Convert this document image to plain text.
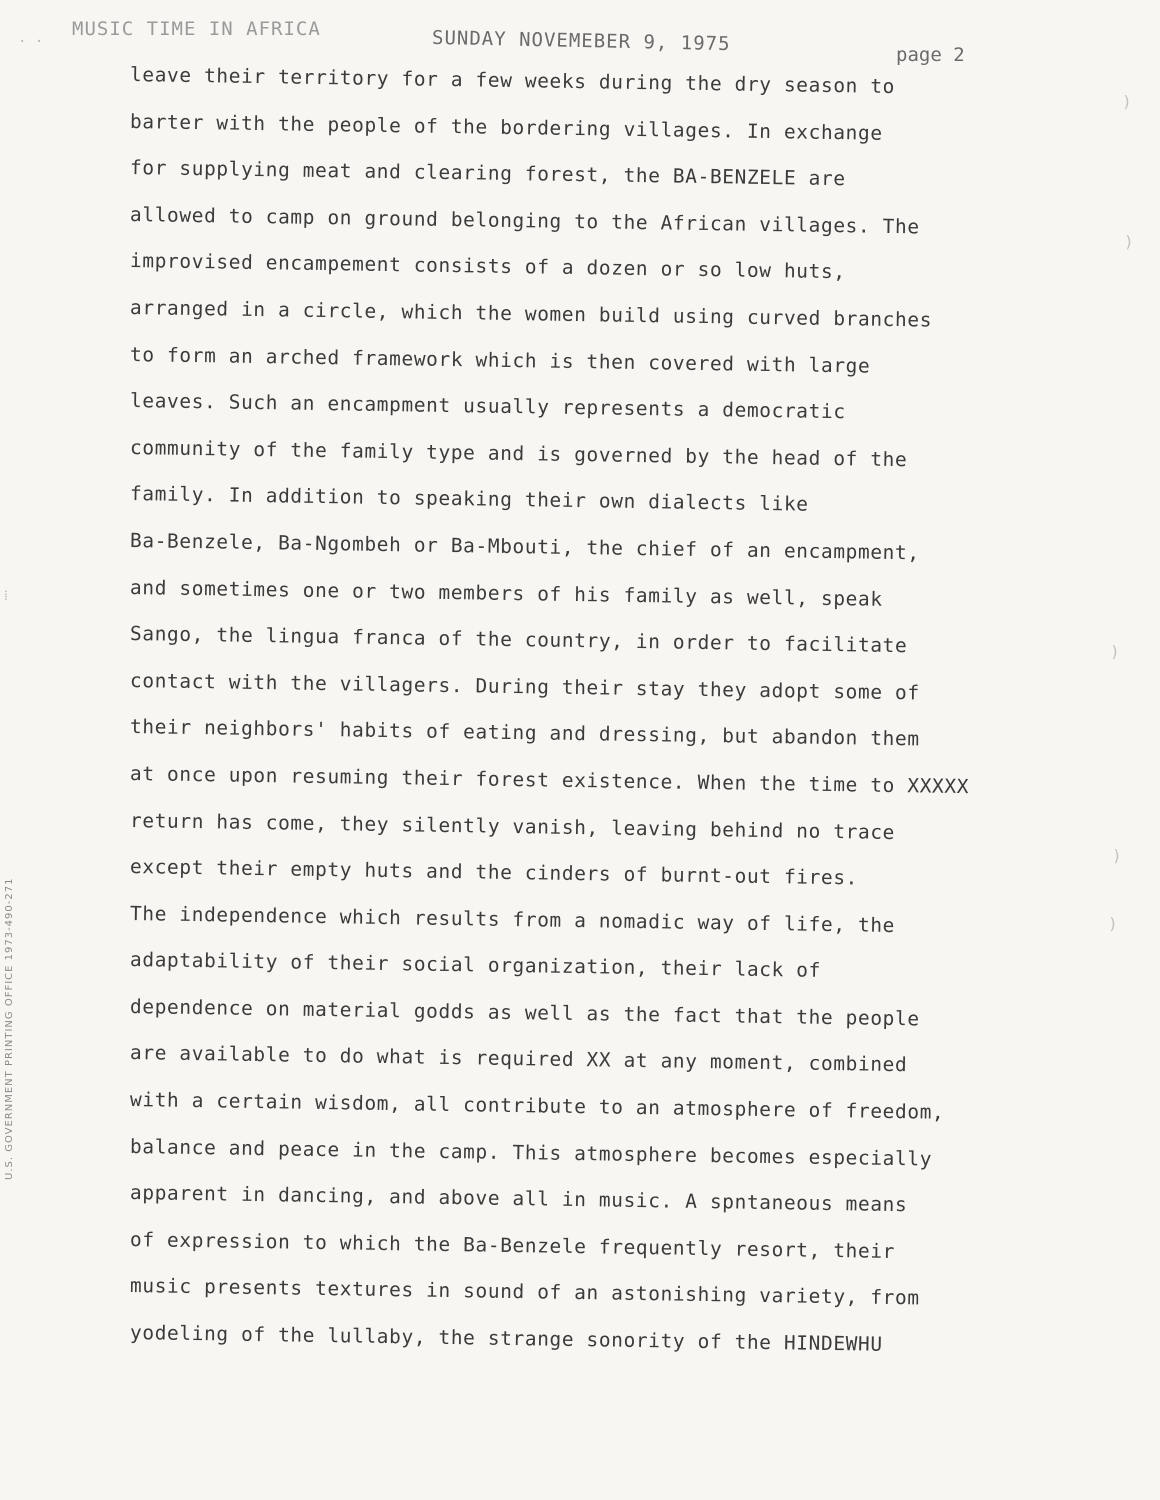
MUSIC TIME IN AFRICA	SUNDAY NOVEMEBER 9, 1975	page 2
· ·
⁞
U.S. GOVERNMENT PRINTING OFFICE 1973-490-271
)
)
)
)
)
leave their territory for a few weeks during the dry season to
barter with the people of the bordering villages. In exchange
for supplying meat and clearing forest, the BA-BENZELE are
allowed to camp on ground belonging to the African villages. The
improvised encampement consists of a dozen or so low huts,
arranged in a circle, which the women build using curved branches
to form an arched framework which is then covered with large
leaves. Such an encampment usually represents a democratic
community of the family type and is governed by the head of the
family. In addition to speaking their own dialects like
Ba-Benzele, Ba-Ngombeh or Ba-Mbouti, the chief of an encampment,
and sometimes one or two members of his family as well, speak
Sango, the lingua franca of the country, in order to facilitate
contact with the villagers. During their stay they adopt some of
their neighbors' habits of eating and dressing, but abandon them
at once upon resuming their forest existence. When the time to XXXXX
return has come, they silently vanish, leaving behind no trace
except their empty huts and the cinders of burnt-out fires.
The independence which results from a nomadic way of life, the
adaptability of their social organization, their lack of
dependence on material godds as well as the fact that the people
are available to do what is required XX at any moment, combined
with a certain wisdom, all contribute to an atmosphere of freedom,
balance and peace in the camp. This atmosphere becomes especially
apparent in dancing, and above all in music. A spntaneous means
of expression to which the Ba-Benzele frequently resort, their
music presents textures in sound of an astonishing variety, from
yodeling of the lullaby, the strange sonority of the HINDEWHU
